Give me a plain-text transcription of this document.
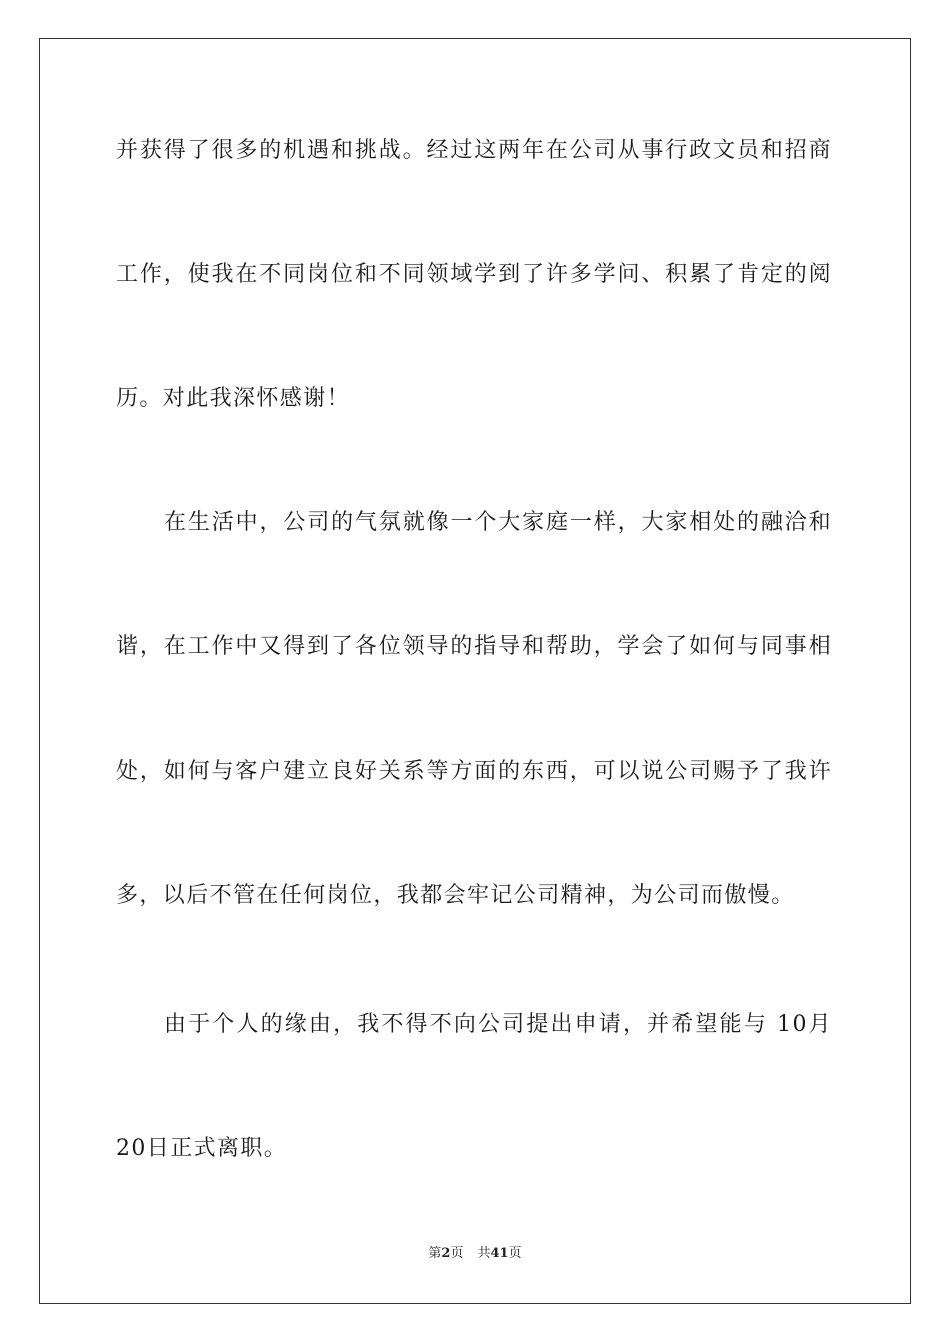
并获得了很多的机遇和挑战。经过这两年在公司从事行政文员和招商
工作，使我在不同岗位和不同领域学到了许多学问、积累了肯定的阅
历。对此我深怀感谢！
在生活中，公司的气氛就像一个大家庭一样，大家相处的融洽和
谐，在工作中又得到了各位领导的指导和帮助，学会了如何与同事相
处，如何与客户建立良好关系等方面的东西，可以说公司赐予了我许
多，以后不管在任何岗位，我都会牢记公司精神，为公司而傲慢。
由于个人的缘由，我不得不向公司提出申请，并希望能与 10月
20日正式离职。
第2页 共41页
